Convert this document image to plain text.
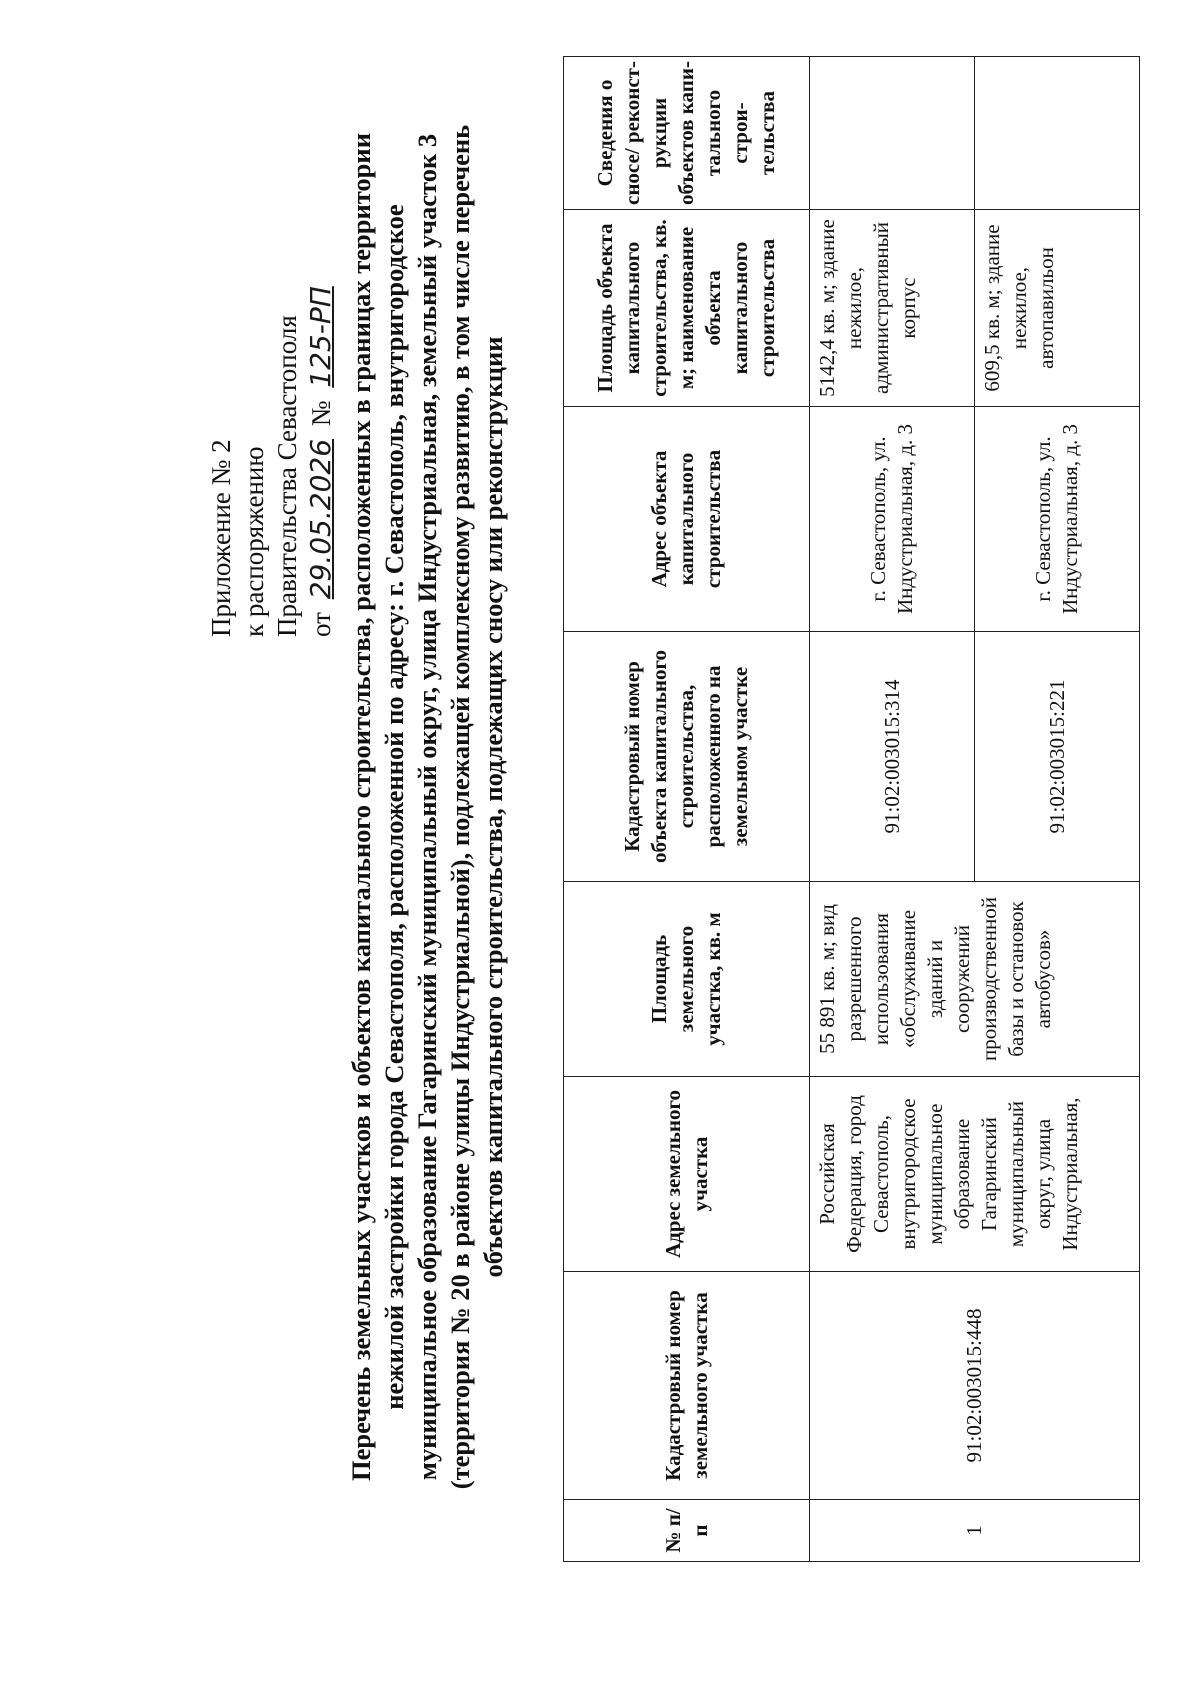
Приложение № 2 к распоряжению Правительства Севастополя от 29.05.2026 № 125-РП Перечень земельных участков и объектов капитального строительства, расположенных в границах территории нежилой застройки города Севастополя, расположенной по адресу: г. Севастополь, внутригородское муниципальное образование Гагаринский муниципальный округ, улица Индустриальная, земельный участок 3 (территория № 20 в районе улицы Индустриальной), подлежащей комплексному развитию, в том числе перечень объектов капитального строительства, подлежащих сносу или реконструкции
№ п/п	Кадастровый номер земельного участка	Адрес земельного участка	Площадь земельного участка, кв. м	Кадастровый номер объекта капитального строительства, расположенного на земельном участке	Адрес объекта капитального строительства	Площадь объекта капитального строительства, кв. м; наименование объекта капитального строительства	Сведения о сносе/ реконст-рукции объектов капи-тального строи-тельства
1	91:02:003015:448	Российская Федерация, город Севастополь, внутригородское муниципальное образование Гагаринский муниципальный округ, улица Индустриальная,	55 891 кв. м; вид разрешенного использования «обслуживание зданий и сооружений производственной базы и остановок автобусов»	91:02:003015:314	г. Севастополь, ул. Индустриальная, д. 3	5142,4 кв. м; здание нежилое, административный корпус	
				91:02:003015:221	г. Севастополь, ул. Индустриальная, д. 3	609,5 кв. м; здание нежилое, автопавильон	
